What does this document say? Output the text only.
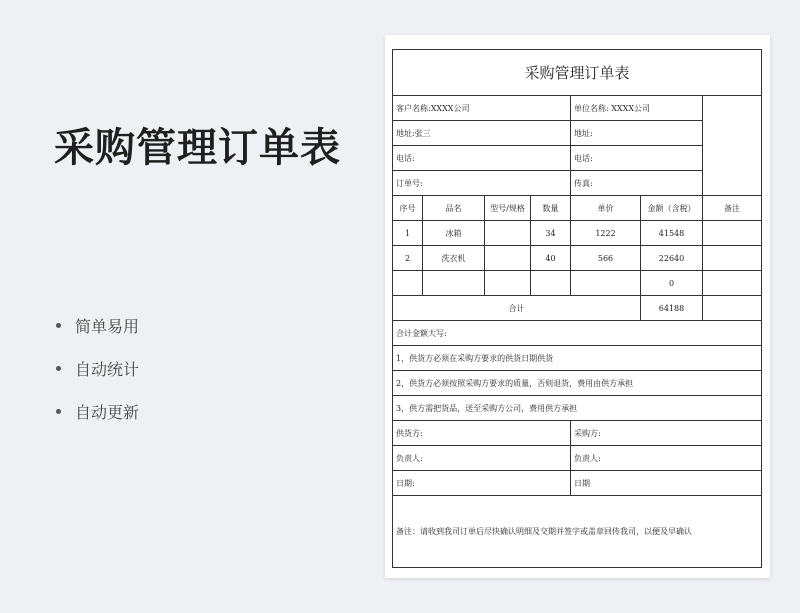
采购管理订单表
简单易用
自动统计
自动更新
采购管理订单表						
客户名称:XXXX公司				单位名称: XXXX公司		
地址:张三				地址:		
电话:				电话:		
订单号:				传真:		
序号	品名	型号/规格	数量	单价	金额（含税）	备注
1	冰箱		34	1222	41548	
2	洗衣机		40	566	22640	
					0	
合计					64188	
合计金额大写:						
1，供货方必须在采购方要求的供货日期供货						
2，供货方必须按照采购方要求的质量，否则退货，费用由供方承担						
3，供方需把货品，送至采购方公司，费用供方承担						
供货方:				采购方:		
负责人:				负责人:		
日期:				日期		
备注：请收到我司订单后尽快确认明细及交期并签字或盖章回传我司，以便及早确认						
